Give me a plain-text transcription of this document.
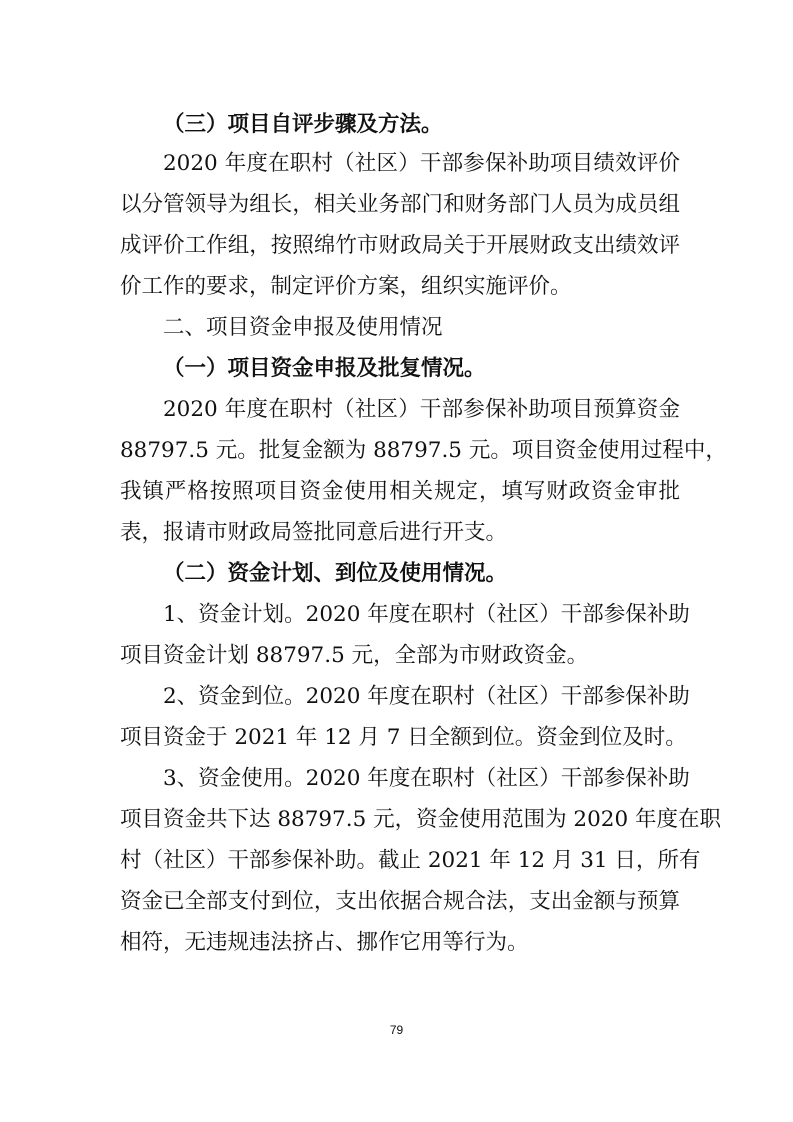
（三）项目自评步骤及方法。
2020 年度在职村（社区）干部参保补助项目绩效评价
以分管领导为组长，相关业务部门和财务部门人员为成员组
成评价工作组，按照绵竹市财政局关于开展财政支出绩效评
价工作的要求，制定评价方案，组织实施评价。
二、项目资金申报及使用情况
（一）项目资金申报及批复情况。
2020 年度在职村（社区）干部参保补助项目预算资金
88797.5 元。批复金额为 88797.5 元。项目资金使用过程中，
我镇严格按照项目资金使用相关规定，填写财政资金审批
表，报请市财政局签批同意后进行开支。
（二）资金计划、到位及使用情况。
1、资金计划。2020 年度在职村（社区）干部参保补助
项目资金计划 88797.5 元，全部为市财政资金。
2、资金到位。2020 年度在职村（社区）干部参保补助
项目资金于 2021 年 12 月 7 日全额到位。资金到位及时。
3、资金使用。2020 年度在职村（社区）干部参保补助
项目资金共下达 88797.5 元，资金使用范围为 2020 年度在职
村（社区）干部参保补助。截止 2021 年 12 月 31 日，所有
资金已全部支付到位，支出依据合规合法，支出金额与预算
相符，无违规违法挤占、挪作它用等行为。
79
